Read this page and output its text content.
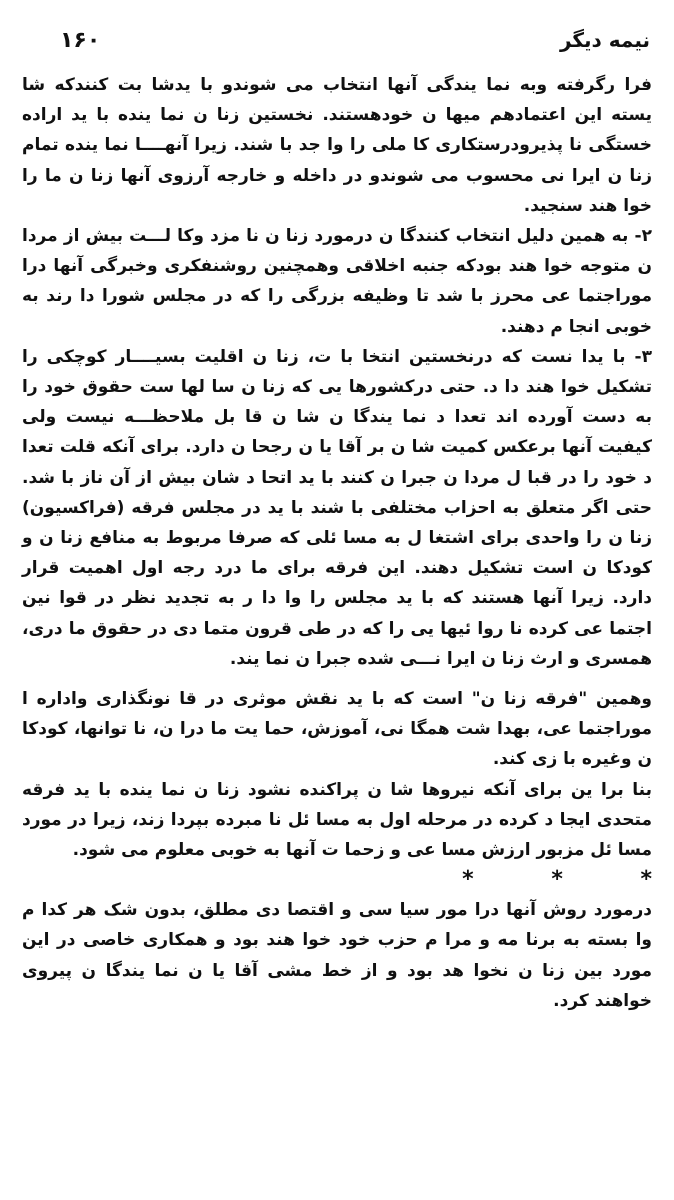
نیمه دیگر

۱۶۰

فرا رگرفته وبه نما یندگی آنها انتخاب می شوندو با یدشا بت کنندکه شا یسته این اعتمادهم میها ن خودهستند. نخستین زنا ن نما ینده با ید اراده خستگی نا پذیرودرستکاری کا ملی را وا جد با شند. زیرا آنهــــا نما ینده تمام زنا ن ایرا نی محسوب می شوندو در داخله و خارجه آرزوی آنها زنا ن ما را خوا هند سنجید.

۲- به همین دلیل انتخاب کنندگا ن درمورد زنا ن نا مزد وکا لـــت بیش از مردا ن متوجه خوا هند بودکه جنبه اخلاقی وهمچنین روشنفکری وخبرگی آنها درا موراجتما عی محرز با شد تا وظیفه بزرگی را که در مجلس شورا دا رند به خوبی انجا م دهند.

۳- با یدا نست که درنخستین انتخا با ت، زنا ن اقلیت بسیــــار کوچکی را تشکیل خوا هند دا د. حتی درکشورها یی که زنا ن سا لها ست حقوق خود را به دست آورده اند تعدا د نما یندگا ن شا ن قا بل ملاحظـــه نیست ولی کیفیت آنها برعکس کمیت شا ن بر آقا یا ن رجحا ن دارد. برای آنکه قلت تعدا د خود را در قبا ل مردا ن جبرا ن کنند با ید اتحا د شان بیش از آن ناز با شد. حتی اگر متعلق به احزاب مختلفی با شند با ید در مجلس فرقه (فراکسیون) زنا ن را واحدی برای اشتغا ل به مسا ئلی که صرفا مربوط به منافع زنا ن و کودکا ن است تشکیل دهند. این فرقه برای ما درد رجه اول اهمیت قرار دارد. زیرا آنها هستند که با ید مجلس را وا دا ر به تجدید نظر در قوا نین اجتما عی کرده نا روا ئیها یی را که در طی قرون متما دی در حقوق ما دری، همسری و ارث زنا ن ایرا نـــی شده جبرا ن نما یند.

وهمین "فرقه زنا ن" است که با ید نقش موثری در قا نونگذاری واداره ا موراجتما عی، بهدا شت همگا نی، آموزش، حما یت ما درا ن، نا توانها، کودکا ن وغیره با زی کند.

بنا برا ین برای آنکه نیروها شا ن پراکنده نشود زنا ن نما ینده با ید فرقه متحدی ایجا د کرده در مرحله اول به مسا ئل نا مبرده بپردا زند، زیرا در مورد مسا ئل مزبور ارزش مسا عی و زحما ت آنها به خوبی معلوم می شود.

* * *

درمورد روش آنها درا مور سیا سی و اقتصا دی مطلق، بدون شک هر کدا م وا بسته به برنا مه و مرا م حزب خود خوا هند بود و همکاری خاصی در این مورد بین زنا ن نخوا هد بود و از خط مشی آقا یا ن نما یندگا ن پیروی خواهند کرد.
